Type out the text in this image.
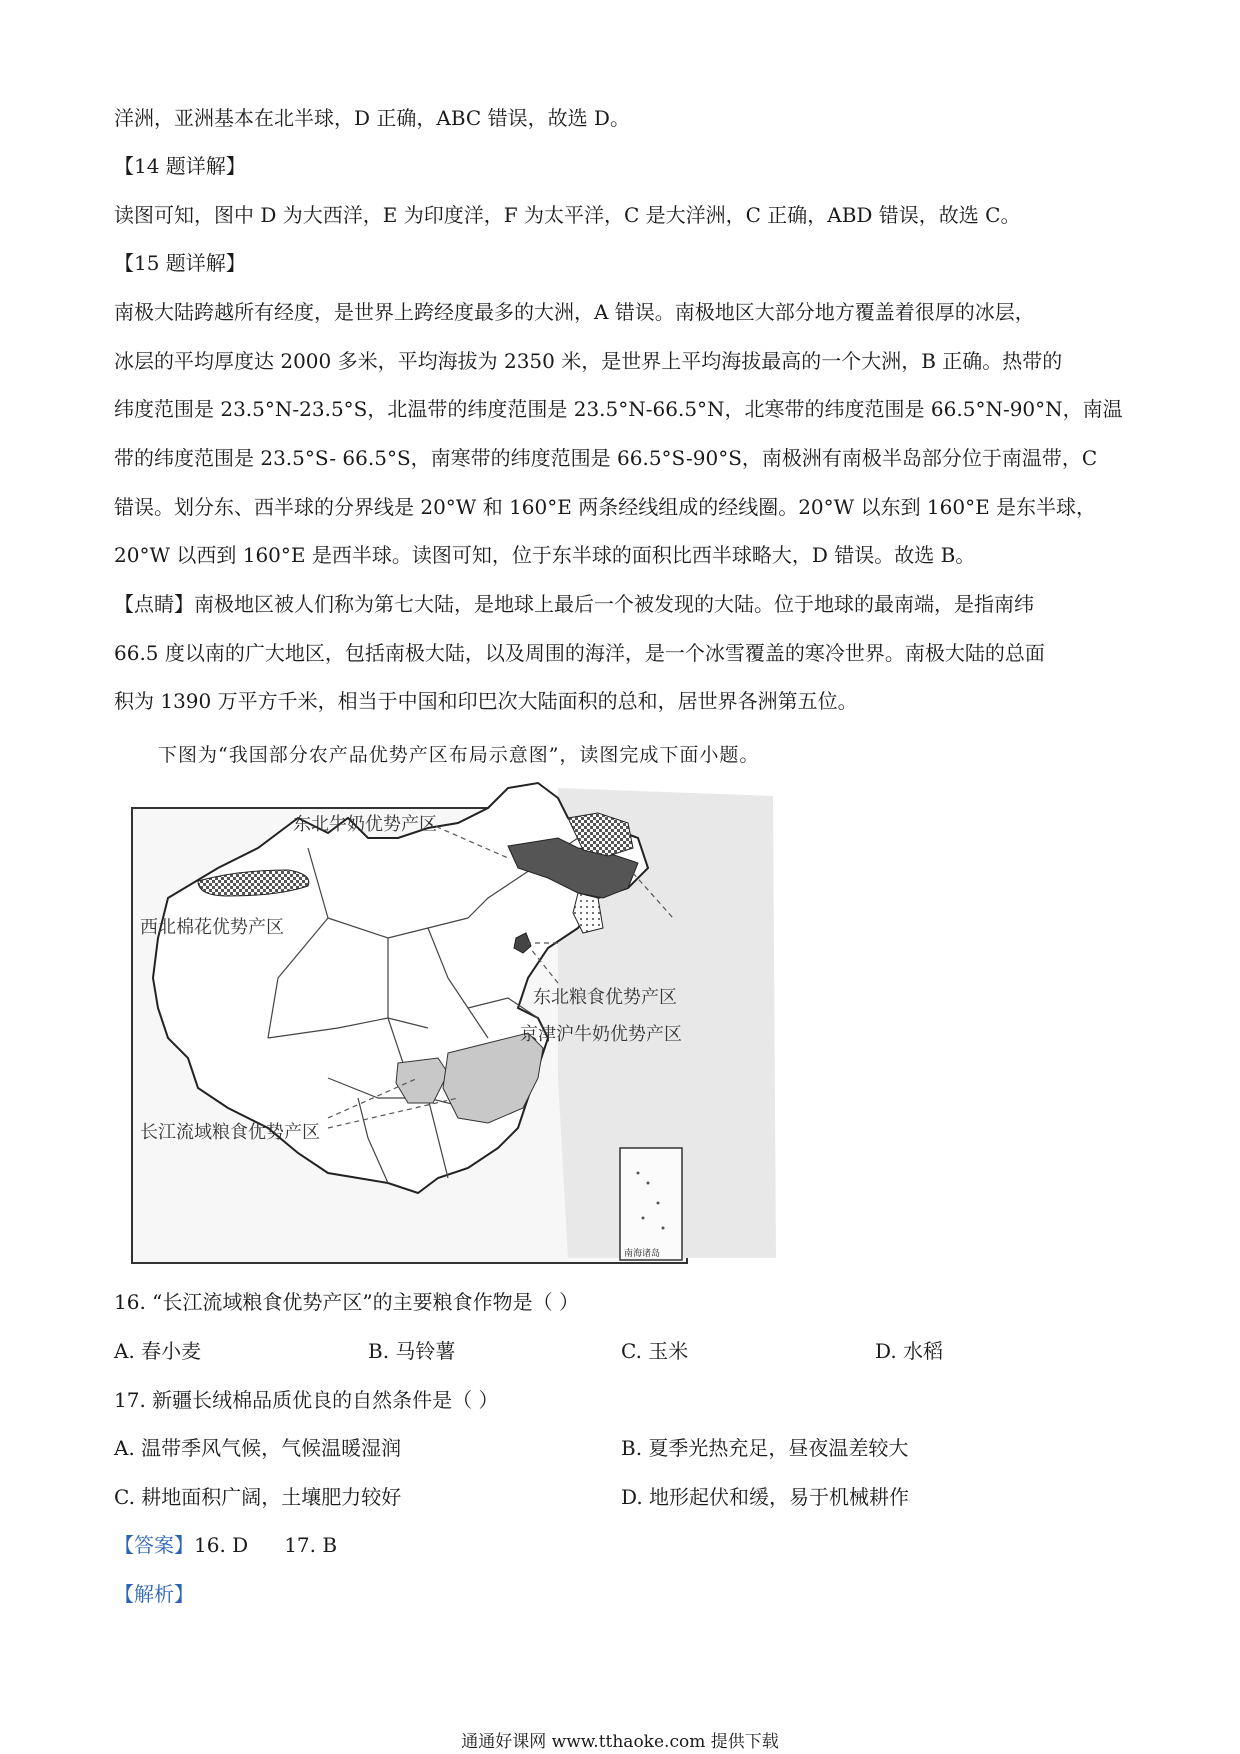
洋洲，亚洲基本在北半球，D 正确，ABC 错误，故选 D。
【14 题详解】
读图可知，图中 D 为大西洋，E 为印度洋，F 为太平洋，C 是大洋洲，C 正确，ABD 错误，故选 C。
【15 题详解】
南极大陆跨越所有经度，是世界上跨经度最多的大洲，A 错误。南极地区大部分地方覆盖着很厚的冰层，
冰层的平均厚度达 2000 多米，平均海拔为 2350 米，是世界上平均海拔最高的一个大洲，B 正确。热带的
纬度范围是 23.5°N-23.5°S，北温带的纬度范围是 23.5°N-66.5°N，北寒带的纬度范围是 66.5°N-90°N，南温
带的纬度范围是 23.5°S- 66.5°S，南寒带的纬度范围是 66.5°S-90°S，南极洲有南极半岛部分位于南温带，C
错误。划分东、西半球的分界线是 20°W 和 160°E 两条经线组成的经线圈。20°W 以东到 160°E 是东半球，
20°W 以西到 160°E 是西半球。读图可知，位于东半球的面积比西半球略大，D 错误。故选 B。
【点睛】南极地区被人们称为第七大陆，是地球上最后一个被发现的大陆。位于地球的最南端，是指南纬
66.5 度以南的广大地区，包括南极大陆，以及周围的海洋，是一个冰雪覆盖的寒冷世界。南极大陆的总面
积为 1390 万平方千米，相当于中国和印巴次大陆面积的总和，居世界各洲第五位。
下图为“我国部分农产品优势产区布局示意图”，读图完成下面小题。
东北牛奶优势产区
西北棉花优势产区
东北粮食优势产区
京津沪牛奶优势产区
长江流域粮食优势产区
南海诸岛
16. “长江流域粮食优势产区”的主要粮食作物是（ ）
A. 春小麦	B. 马铃薯	C. 玉米	D. 水稻
17. 新疆长绒棉品质优良的自然条件是（ ）
A. 温带季风气候，气候温暖湿润	B. 夏季光热充足，昼夜温差较大
C. 耕地面积广阔，土壤肥力较好	D. 地形起伏和缓，易于机械耕作
【答案】16. D 17. B
【解析】
通通好课网 www.tthaoke.com 提供下载
